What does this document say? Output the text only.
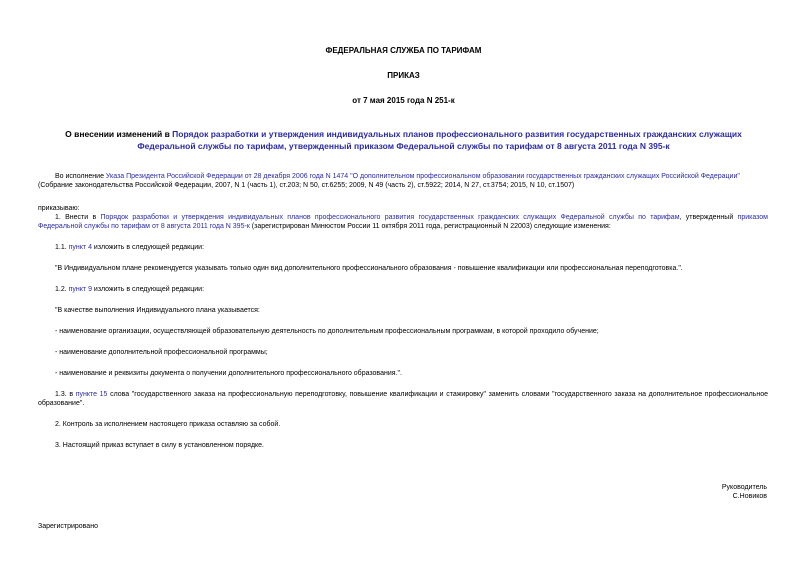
ФЕДЕРАЛЬНАЯ СЛУЖБА ПО ТАРИФАМ
ПРИКАЗ
от 7 мая 2015 года N 251-к
О внесении изменений в Порядок разработки и утверждения индивидуальных планов профессионального развития государственных гражданских служащих Федеральной службы по тарифам, утвержденный приказом Федеральной службы по тарифам от 8 августа 2011 года N 395-к
Во исполнение Указа Президента Российской Федерации от 28 декабря 2006 года N 1474 "О дополнительном профессиональном образовании государственных гражданских служащих Российской Федерации" (Собрание законодательства Российской Федерации, 2007, N 1 (часть 1), ст.203; N 50, ст.6255; 2009, N 49 (часть 2), ст.5922; 2014, N 27, ст.3754; 2015, N 10, ст.1507)
приказываю:
1. Внести в Порядок разработки и утверждения индивидуальных планов профессионального развития государственных гражданских служащих Федеральной службы по тарифам, утвержденный приказом Федеральной службы по тарифам от 8 августа 2011 года N 395-к (зарегистрирован Минюстом России 11 октября 2011 года, регистрационный N 22003) следующие изменения:
1.1. пункт 4 изложить в следующей редакции:
"В Индивидуальном плане рекомендуется указывать только один вид дополнительного профессионального образования - повышение квалификации или профессиональная переподготовка.".
1.2. пункт 9 изложить в следующей редакции:
"В качестве выполнения Индивидуального плана указывается:
- наименование организации, осуществляющей образовательную деятельность по дополнительным профессиональным программам, в которой проходило обучение;
- наименование дополнительной профессиональной программы;
- наименование и реквизиты документа о получении дополнительного профессионального образования.".
1.3. в пункте 15 слова "государственного заказа на профессиональную переподготовку, повышение квалификации и стажировку" заменить словами "государственного заказа на дополнительное профессиональное образование".
2. Контроль за исполнением настоящего приказа оставляю за собой.
3. Настоящий приказ вступает в силу в установленном порядке.
Руководитель
С.Новиков
Зарегистрировано
